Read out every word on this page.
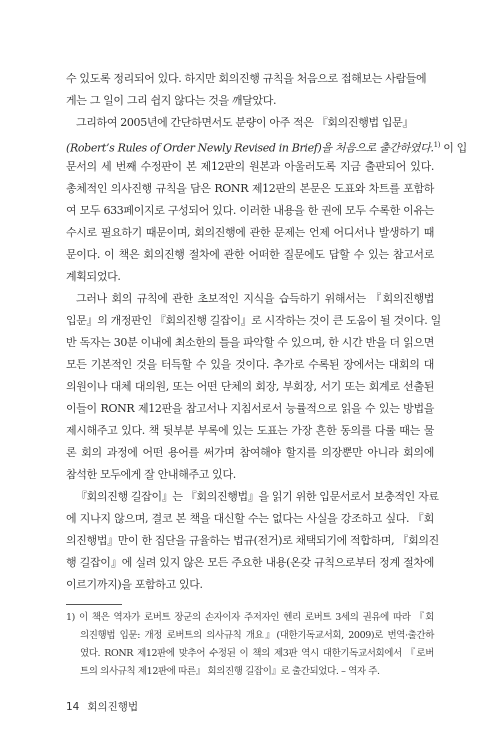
수 있도록 정리되어 있다. 하지만 회의진행 규칙을 처음으로 접해보는 사람들에
게는 그 일이 그리 쉽지 않다는 것을 깨달았다.
그리하여 2005년에 간단하면서도 분량이 아주 적은 『회의진행법 입문』
(Robert’s Rules of Order Newly Revised in Brief)을 처음으로 출간하였다.$^{1)}$ 이 입
문서의 세 번째 수정판이 본 제12판의 원본과 아울러도록 지금 출판되어 있다.
총체적인 의사진행 규칙을 담은 RONR 제12판의 본문은 도표와 차트를 포함하
여 모두 633페이지로 구성되어 있다. 이러한 내용을 한 권에 모두 수록한 이유는
수시로 필요하기 때문이며, 회의진행에 관한 문제는 언제 어디서나 발생하기 때
문이다. 이 책은 회의진행 절차에 관한 어떠한 질문에도 답할 수 있는 참고서로
계획되었다.
그러나 회의 규칙에 관한 초보적인 지식을 습득하기 위해서는 『회의진행법
입문』의 개정판인 『회의진행 길잡이』로 시작하는 것이 큰 도움이 될 것이다. 일
반 독자는 30분 이내에 최소한의 틀을 파악할 수 있으며, 한 시간 반을 더 읽으면
모든 기본적인 것을 터득할 수 있을 것이다. 추가로 수록된 장에서는 대회의 대
의원이나 대체 대의원, 또는 어떤 단체의 회장, 부회장, 서기 또는 회계로 선출된
이들이 RONR 제12판을 참고서나 지침서로서 능률적으로 읽을 수 있는 방법을
제시해주고 있다. 책 뒷부분 부록에 있는 도표는 가장 흔한 동의를 다룰 때는 물
론 회의 과정에 어떤 용어를 써가며 참여해야 할지를 의장뿐만 아니라 회의에
참석한 모두에게 잘 안내해주고 있다.
『회의진행 길잡이』는 『회의진행법』을 읽기 위한 입문서로서 보충적인 자료
에 지나지 않으며, 결코 본 책을 대신할 수는 없다는 사실을 강조하고 싶다. 『회
의진행법』만이 한 집단을 규율하는 법규(전거)로 채택되기에 적합하며, 『회의진
행 길잡이』에 실려 있지 않은 모든 주요한 내용(온갖 규칙으로부터 정계 절차에
이르기까지)을 포함하고 있다.
1) 이 책은 역자가 로버트 장군의 손자이자 주저자인 헨리 로버트 3세의 권유에 따라 『회
의진행법 입문: 개정 로버트의 의사규칙 개요』(대한기독교서회, 2009)로 번역·출간하
였다. RONR 제12판에 맞추어 수정된 이 책의 제3판 역시 대한기독교서회에서 『로버
트의 의사규칙 제12판에 따른』 회의진행 길잡이』로 출간되었다. – 역자 주.
14 회의진행법
